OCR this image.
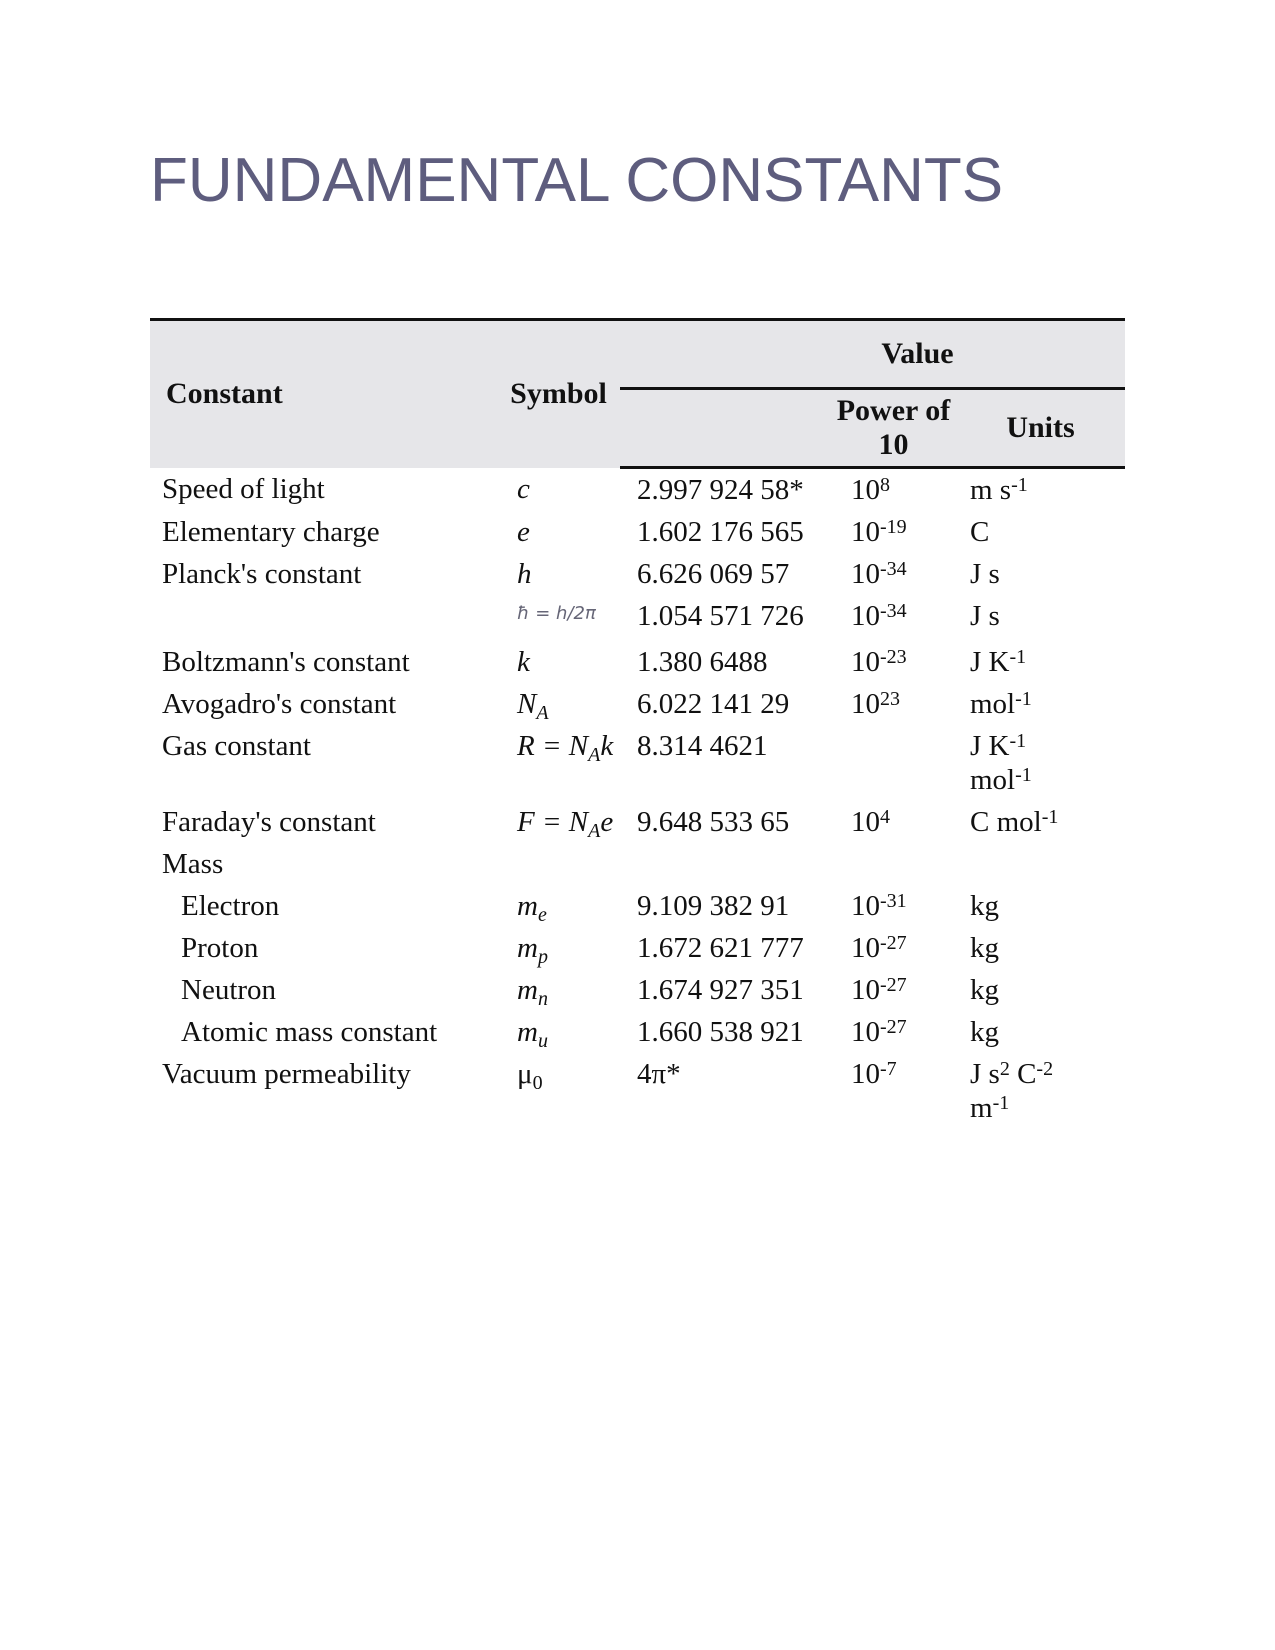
FUNDAMENTAL CONSTANTS
Constant	Symbol	Value		
			Power of 10	Units
Speed of light	c	2.997 924 58*	$10^8$	m $s^{-1}$
Elementary charge	e	1.602 176 565	$10^{-19}$	C
Planck's constant	h	6.626 069 57	$10^{-34}$	J s
	$^{ħ = h/2\pi}$	1.054 571 726	$10^{-34}$	J s
Boltzmann's constant	k	1.380 6488	$10^{-23}$	J $K^{-1}$
Avogadro's constant	$N_A$	6.022 141 29	$10^{23}$	mol$^{-1}$
Gas constant	$R = N_Ak$	8.314 4621		J $K^{-1}$
mol$^{-1}$
Faraday's constant	$F = N_Ae$	9.648 533 65	$10^4$	C mol$^{-1}$
Mass				
Electron	$m_e$	9.109 382 91	$10^{-31}$	kg
Proton	$m_p$	1.672 621 777	$10^{-27}$	kg
Neutron	$m_n$	1.674 927 351	$10^{-27}$	kg
Atomic mass constant	$m_u$	1.660 538 921	$10^{-27}$	kg
Vacuum permeability	$\mu_0$	4π*	$10^{-7}$	J $s^2$ $C^{-2}$
$m^{-1}$
